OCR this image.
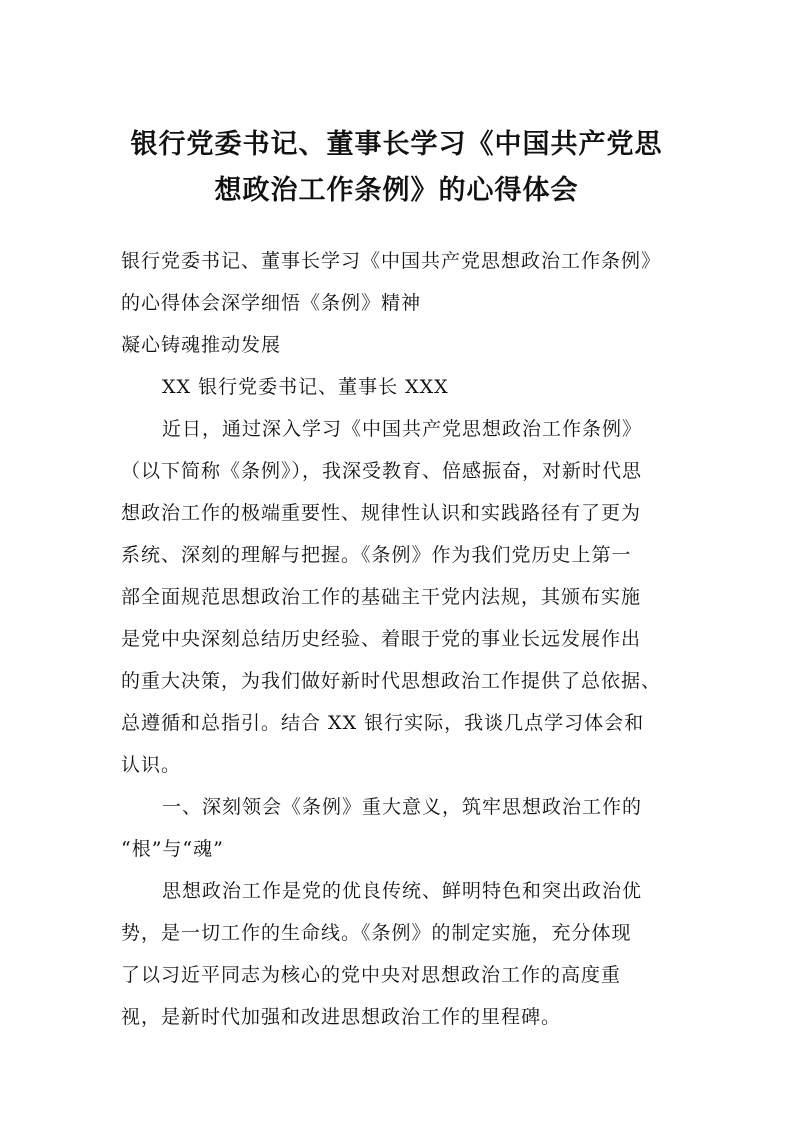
银行党委书记、董事长学习《中国共产党思
想政治工作条例》的心得体会

银行党委书记、董事长学习《中国共产党思想政治工作条例》

的心得体会深学细悟《条例》精神

凝心铸魂推动发展

XX 银行党委书记、董事长 XXX

近日，通过深入学习《中国共产党思想政治工作条例》

（以下简称《条例》），我深受教育、倍感振奋，对新时代思

想政治工作的极端重要性、规律性认识和实践路径有了更为

系统、深刻的理解与把握。《条例》作为我们党历史上第一

部全面规范思想政治工作的基础主干党内法规，其颁布实施

是党中央深刻总结历史经验、着眼于党的事业长远发展作出

的重大决策，为我们做好新时代思想政治工作提供了总依据、

总遵循和总指引。结合 XX 银行实际，我谈几点学习体会和

认识。

一、深刻领会《条例》重大意义，筑牢思想政治工作的

“根”与“魂”

思想政治工作是党的优良传统、鲜明特色和突出政治优

势，是一切工作的生命线。《条例》的制定实施，充分体现

了以习近平同志为核心的党中央对思想政治工作的高度重

视，是新时代加强和改进思想政治工作的里程碑。
